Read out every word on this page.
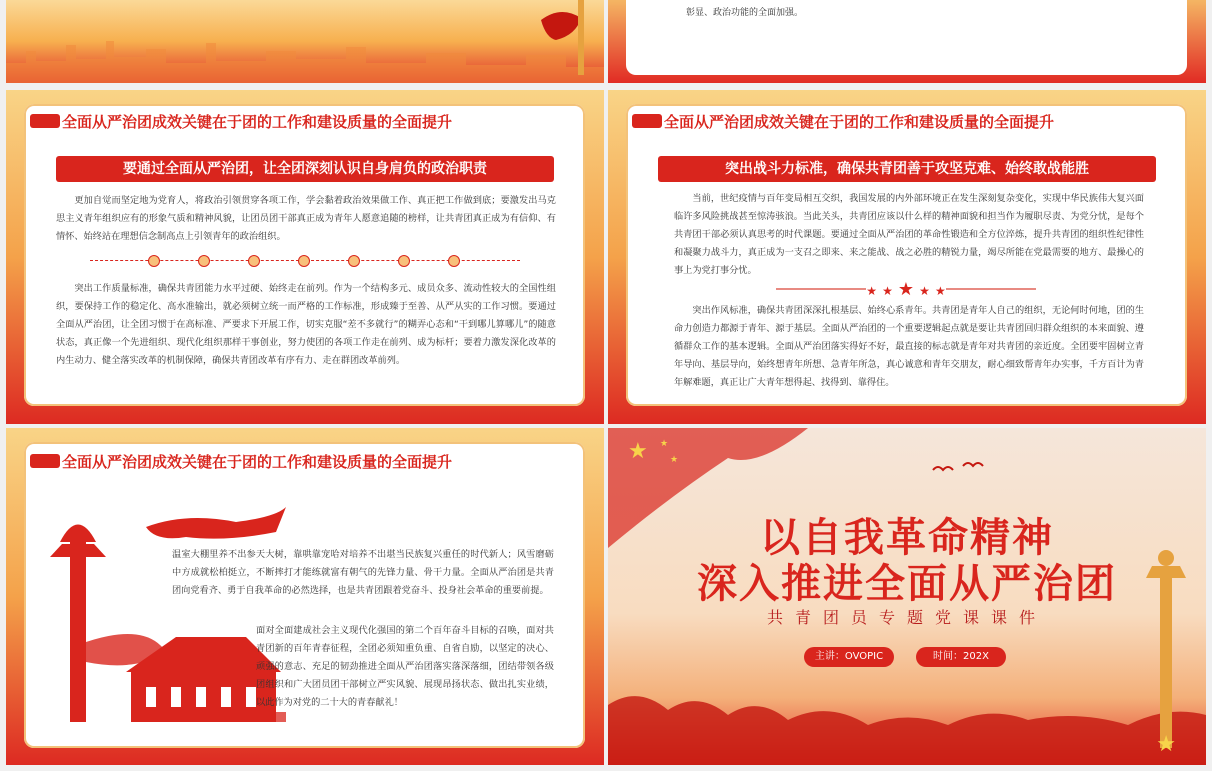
彰显、政治功能的全面加强。
全面从严治团成效关键在于团的工作和建设质量的全面提升
要通过全面从严治团，让全团深刻认识自身肩负的政治职责
更加自觉而坚定地为党育人，将政治引领贯穿各项工作，学会黏着政治效果做工作、真正把工作做到底；要激发出马克思主义青年组织应有的形象气质和精神风貌，让团员团干部真正成为青年人愿意追随的榜样，让共青团真正成为有信仰、有情怀、始终站在理想信念制高点上引领青年的政治组织。
突出工作质量标准，确保共青团能力水平过硬、始终走在前列。作为一个结构多元、成员众多、流动性较大的全国性组织，要保持工作的稳定化、高水准输出，就必须树立统一而严格的工作标准，形成臻于至善、从严从实的工作习惯。要通过全面从严治团，让全团习惯于在高标准、严要求下开展工作，切实克服“差不多就行”的糊弄心态和“干到哪儿算哪儿”的随意状态，真正像一个先进组织、现代化组织那样干事创业，努力使团的各项工作走在前列、成为标杆；要着力激发深化改革的内生动力、健全落实改革的机制保障，确保共青团改革有序有力、走在群团改革前列。
全面从严治团成效关键在于团的工作和建设质量的全面提升
突出战斗力标准，确保共青团善于攻坚克难、始终敢战能胜
当前，世纪疫情与百年变局相互交织，我国发展的内外部环境正在发生深刻复杂变化，实现中华民族伟大复兴面临许多风险挑战甚至惊涛骇浪。当此关头，共青团应该以什么样的精神面貌和担当作为履职尽责、为党分忧，是每个共青团干部必须认真思考的时代课题。要通过全面从严治团的革命性锻造和全方位淬炼，提升共青团的组织性纪律性和凝聚力战斗力，真正成为一支召之即来、来之能战、战之必胜的精锐力量，竭尽所能在党最需要的地方、最操心的事上为党打事分忧。
★ ★ ★ ★ ★
突出作风标准，确保共青团深深扎根基层、始终心系青年。共青团是青年人自己的组织，无论何时何地，团的生命力创造力都源于青年、源于基层。全面从严治团的一个重要逻辑起点就是要让共青团回归群众组织的本来面貌、遵循群众工作的基本逻辑。全面从严治团落实得好不好，最直接的标志就是青年对共青团的亲近度。全团要牢固树立青年导向、基层导向，始终想青年所想、急青年所急，真心诚意和青年交朋友，耐心细致帮青年办实事，千方百计为青年解难题，真正让广大青年想得起、找得到、靠得住。
全面从严治团成效关键在于团的工作和建设质量的全面提升
温室大棚里养不出参天大树，靠哄靠宠哈对培养不出堪当民族复兴重任的时代新人；风雪磨砺中方成就松柏挺立，不断摔打才能练就富有朝气的先锋力量、骨干力量。全面从严治团是共青团向党看齐、勇于自我革命的必然选择，也是共青团跟着党奋斗、投身社会革命的重要前提。
面对全面建成社会主义现代化强国的第二个百年奋斗目标的召唤，面对共青团新的百年青春征程，全团必须知重负重、自省自励，以坚定的决心、顽强的意志、充足的韧劲推进全面从严治团落实落深落细，团结带领各级团组织和广大团员团干部树立严实风貌、展现昂扬状态、做出扎实业绩，以此作为对党的二十大的青春献礼！
★ ★
★
以自我革命精神
深入推进全面从严治团
共青团员专题党课课件
主讲：OVOPIC	时间：202X
★
